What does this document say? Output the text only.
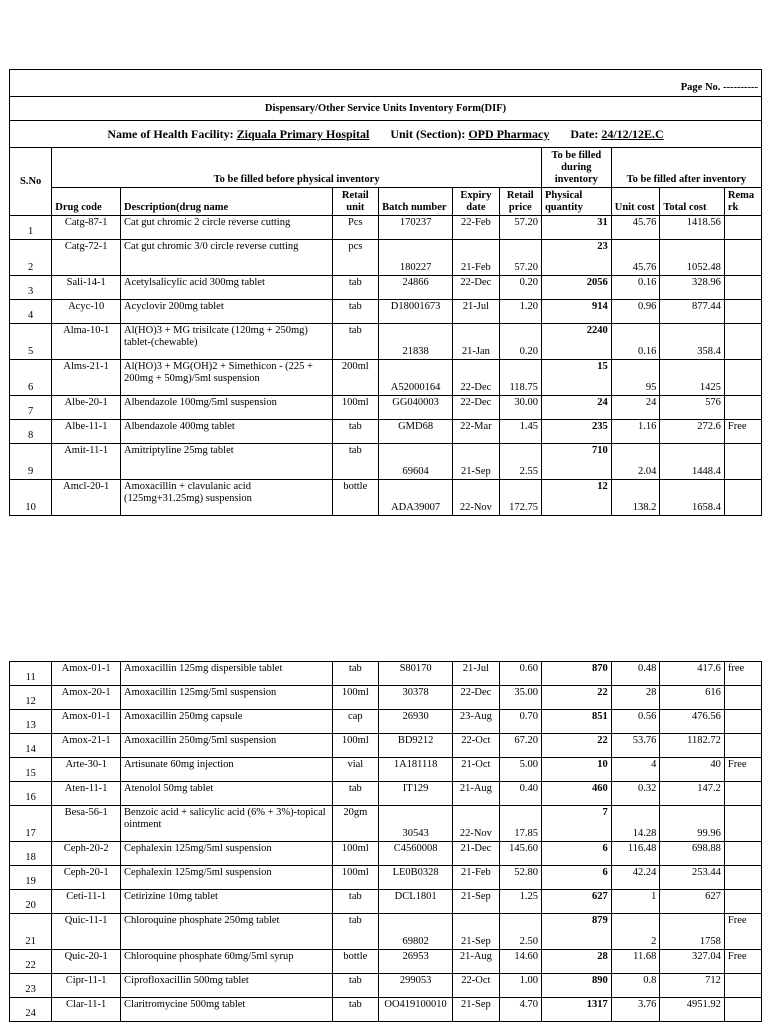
Page No. ----------										
Dispensary/Other Service Units Inventory Form(DIF)										
Name of Health Facility: Ziquala Primary Hospital Unit (Section): OPD Pharmacy Date: 24/12/12E.C										
S.No	To be filled before physical inventory						To be filled during inventory	To be filled after inventory		
	Drug code	Description(drug name	Retail unit	Batch number	Expiry date	Retail price	Physical quantity	Unit cost	Total cost	Rema rk
1	Catg-87-1	Cat gut chromic 2 circle reverse cutting	Pcs	170237	22-Feb	57.20	31	45.76	1418.56	
2	Catg-72-1	Cat gut chromic 3/0 circle reverse cutting	pcs	180227	21-Feb	57.20	23	45.76	1052.48	
3	Sali-14-1	Acetylsalicylic acid 300mg tablet	tab	24866	22-Dec	0.20	2056	0.16	328.96	
4	Acyc-10	Acyclovir 200mg tablet	tab	D18001673	21-Jul	1.20	914	0.96	877.44	
5	Alma-10-1	Al(HO)3 + MG trisilcate (120mg + 250mg) tablet-(chewable)	tab	21838	21-Jan	0.20	2240	0.16	358.4	
6	Alms-21-1	Al(HO)3 + MG(OH)2 + Simethicon - (225 + 200mg + 50mg)/5ml suspension	200ml	A52000164	22-Dec	118.75	15	95	1425	
7	Albe-20-1	Albendazole 100mg/5ml suspension	100ml	GG040003	22-Dec	30.00	24	24	576	
8	Albe-11-1	Albendazole 400mg tablet	tab	GMD68	22-Mar	1.45	235	1.16	272.6	Free
9	Amit-11-1	Amitriptyline 25mg tablet	tab	69604	21-Sep	2.55	710	2.04	1448.4	
10	Amcl-20-1	Amoxacillin + clavulanic acid (125mg+31.25mg) suspension	bottle	ADA39007	22-Nov	172.75	12	138.2	1658.4	
11	Amox-01-1	Amoxacillin 125mg dispersible tablet	tab	S80170	21-Jul	0.60	870	0.48	417.6	free
12	Amox-20-1	Amoxacillin 125mg/5ml suspension	100ml	30378	22-Dec	35.00	22	28	616	
13	Amox-01-1	Amoxacillin 250mg capsule	cap	26930	23-Aug	0.70	851	0.56	476.56	
14	Amox-21-1	Amoxacillin 250mg/5ml suspension	100ml	BD9212	22-Oct	67.20	22	53.76	1182.72	
15	Arte-30-1	Artisunate 60mg injection	vial	1A181118	21-Oct	5.00	10	4	40	Free
16	Aten-11-1	Atenolol 50mg tablet	tab	IT129	21-Aug	0.40	460	0.32	147.2	
17	Besa-56-1	Benzoic acid + salicylic acid (6% + 3%)-topical ointment	20gm	30543	22-Nov	17.85	7	14.28	99.96	
18	Ceph-20-2	Cephalexin 125mg/5ml suspension	100ml	C4560008	21-Dec	145.60	6	116.48	698.88	
19	Ceph-20-1	Cephalexin 125mg/5ml suspension	100ml	LE0B0328	21-Feb	52.80	6	42.24	253.44	
20	Ceti-11-1	Cetirizine 10mg tablet	tab	DCL1801	21-Sep	1.25	627	1	627	
21	Quic-11-1	Chloroquine phosphate 250mg tablet	tab	69802	21-Sep	2.50	879	2	1758	Free
22	Quic-20-1	Chloroquine phosphate 60mg/5ml syrup	bottle	26953	21-Aug	14.60	28	11.68	327.04	Free
23	Cipr-11-1	Ciprofloxacillin 500mg tablet	tab	299053	22-Oct	1.00	890	0.8	712	
24	Clar-11-1	Claritromycine 500mg tablet	tab	OO419100010	21-Sep	4.70	1317	3.76	4951.92	
